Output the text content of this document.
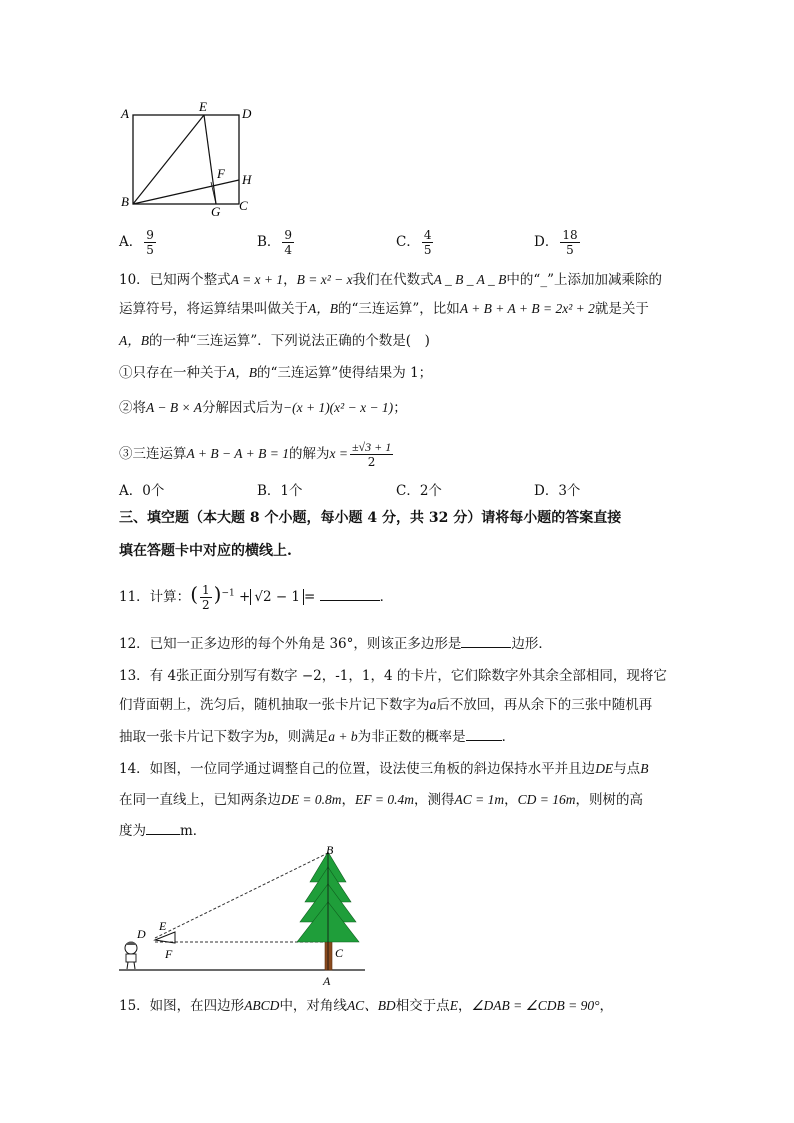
A	E	D
F H
B
G C
A． $\frac{9}{5}$	B． $\frac{9}{4}$	C． $\frac{4}{5}$	D． $\frac{18}{5}$
10．已知两个整式A = x + 1，B = x² − x我们在代数式A _ B _ A _ B中的“_”上添加加减乘除的
运算符号，将运算结果叫做关于A，B的“三连运算”，比如A + B + A + B = 2x² + 2就是关于
A，B的一种“三连运算”．下列说法正确的个数是(　)
①只存在一种关于A，B的“三连运算”使得结果为 1；
②将A − B × A分解因式后为−(x + 1)(x² − x − 1)；
③三连运算A + B − A + B = 1的解为$x = \frac{\pm√3 + 1}{2}$
A．0个	B．1个	C．2个	D．3个
三、填空题（本大题 8 个小题，每小题 4 分，共 32 分）请将每小题的答案直接
填在答题卡中对应的横线上.
11．计算：( $\frac{1}{2} )^{-1} + √2 - 1$ =	．
12．已知一正多边形的每个外角是 36°，则该正多边形是	边形．
13．有 4张正面分别写有数字 −2，-1，1，4 的卡片，它们除数字外其余全部相同，现将它
们背面朝上，洗匀后，随机抽取一张卡片记下数字为a后不放回，再从余下的三张中随机再
抽取一张卡片记下数字为b，则满足a + b为非正数的概率是	．
14．如图，一位同学通过调整自己的位置，设法使三角板的斜边保持水平并且边DE与点B
在同一直线上，已知两条边DE = 0.8m，EF = 0.4m，测得AC = 1m，CD = 16m，则树的高
度为	m．
B
D
E
F	C
A
15．如图，在四边形ABCD中，对角线AC、BD相交于点E，∠DAB = ∠CDB = 90°，
